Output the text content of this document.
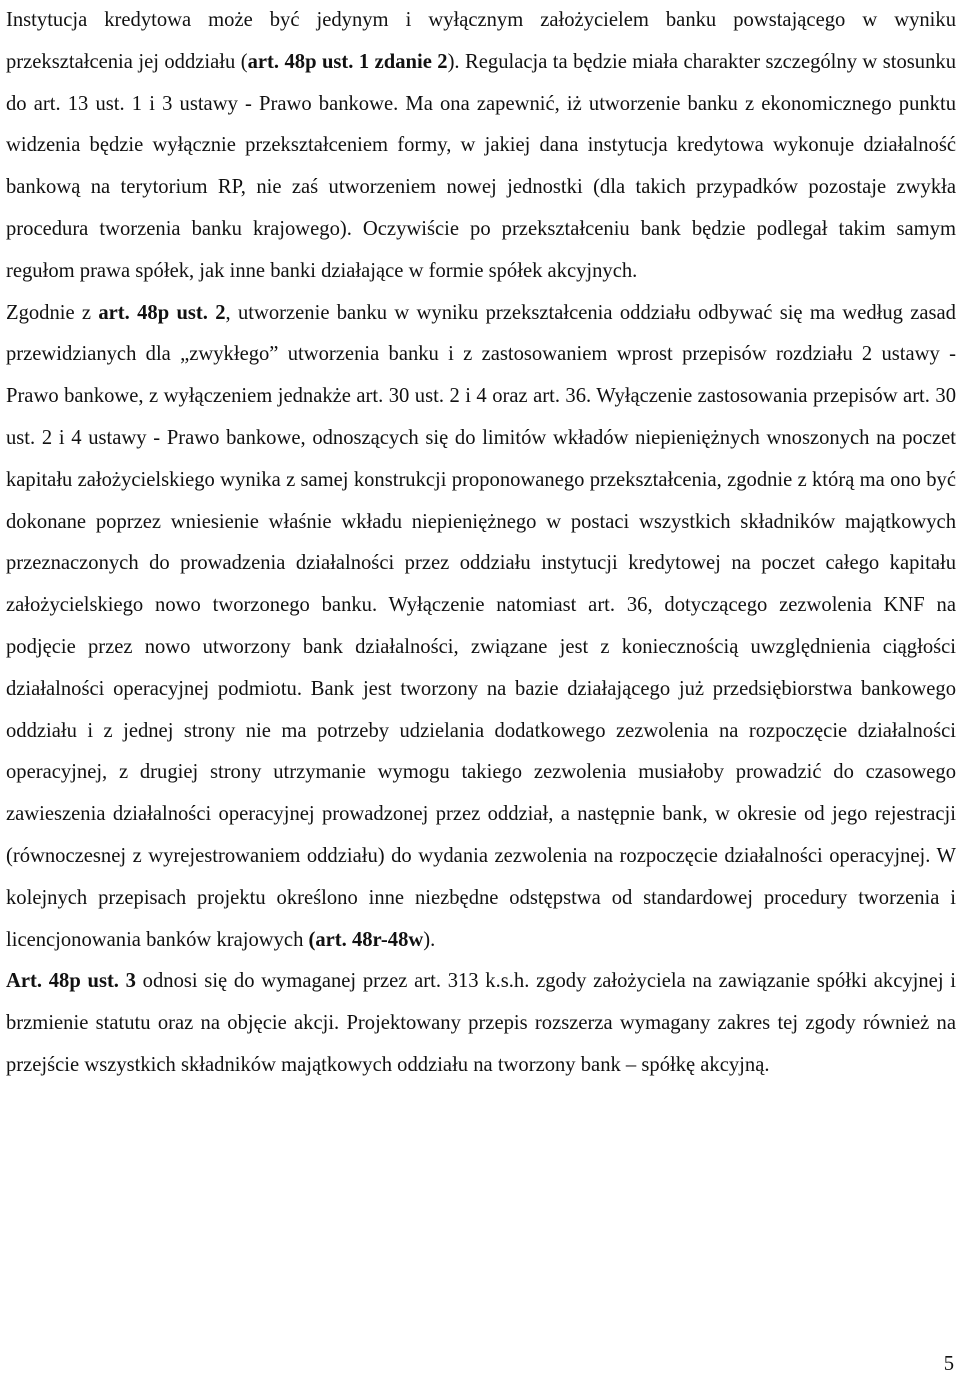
Instytucja kredytowa może być jedynym i wyłącznym założycielem banku powstającego w wyniku przekształcenia jej oddziału (art. 48p ust. 1 zdanie 2). Regulacja ta będzie miała charakter szczególny w stosunku do art. 13 ust. 1 i 3 ustawy - Prawo bankowe. Ma ona zapewnić, iż utworzenie banku z ekonomicznego punktu widzenia będzie wyłącznie przekształceniem formy, w jakiej dana instytucja kredytowa wykonuje działalność bankową na terytorium RP, nie zaś utworzeniem nowej jednostki (dla takich przypadków pozostaje zwykła procedura tworzenia banku krajowego). Oczywiście po przekształceniu bank będzie podlegał takim samym regułom prawa spółek, jak inne banki działające w formie spółek akcyjnych.

Zgodnie z art. 48p ust. 2, utworzenie banku w wyniku przekształcenia oddziału odbywać się ma według zasad przewidzianych dla „zwykłego” utworzenia banku i z zastosowaniem wprost przepisów rozdziału 2 ustawy - Prawo bankowe, z wyłączeniem jednakże art. 30 ust. 2 i 4 oraz art. 36. Wyłączenie zastosowania przepisów art. 30 ust. 2 i 4 ustawy - Prawo bankowe, odnoszących się do limitów wkładów niepieniężnych wnoszonych na poczet kapitału założycielskiego wynika z samej konstrukcji proponowanego przekształcenia, zgodnie z którą ma ono być dokonane poprzez wniesienie właśnie wkładu niepieniężnego w postaci wszystkich składników majątkowych przeznaczonych do prowadzenia działalności przez oddziału instytucji kredytowej na poczet całego kapitału założycielskiego nowo tworzonego banku. Wyłączenie natomiast art. 36, dotyczącego zezwolenia KNF na podjęcie przez nowo utworzony bank działalności, związane jest z koniecznością uwzględnienia ciągłości działalności operacyjnej podmiotu. Bank jest tworzony na bazie działającego już przedsiębiorstwa bankowego oddziału i z jednej strony nie ma potrzeby udzielania dodatkowego zezwolenia na rozpoczęcie działalności operacyjnej, z drugiej strony utrzymanie wymogu takiego zezwolenia musiałoby prowadzić do czasowego zawieszenia działalności operacyjnej prowadzonej przez oddział, a następnie bank, w okresie od jego rejestracji (równoczesnej z wyrejestrowaniem oddziału) do wydania zezwolenia na rozpoczęcie działalności operacyjnej. W kolejnych przepisach projektu określono inne niezbędne odstępstwa od standardowej procedury tworzenia i licencjonowania banków krajowych (art. 48r-48w).

Art. 48p ust. 3 odnosi się do wymaganej przez art. 313 k.s.h. zgody założyciela na zawiązanie spółki akcyjnej i brzmienie statutu oraz na objęcie akcji. Projektowany przepis rozszerza wymagany zakres tej zgody również na przejście wszystkich składników majątkowych oddziału na tworzony bank – spółkę akcyjną.

5
